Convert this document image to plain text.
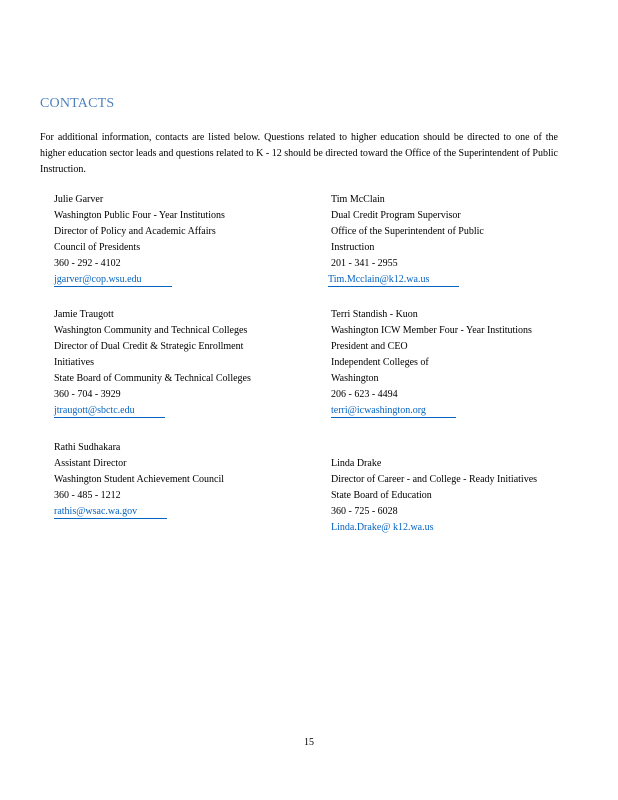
CONTACTS

For additional information, contacts are listed below. Questions related to higher education should be directed to one of the higher education sector leads and questions related to K - 12 should be directed toward the Office of the Superintendent of Public Instruction.

Julie Garver
Washington Public Four - Year Institutions
Director of Policy and Academic Affairs
Council of Presidents
360 - 292 - 4102
jgarver@cop.wsu.edu
Tim McClain
Dual Credit Program Supervisor
Office of the Superintendent of Public
Instruction
201 - 341 - 2955
Tim.Mcclain@k12.wa.us
Jamie Traugott
Washington Community and Technical Colleges
Director of Dual Credit & Strategic Enrollment
Initiatives
State Board of Community & Technical Colleges
360 - 704 - 3929
jtraugott@sbctc.edu
Terri Standish - Kuon
Washington ICW Member Four - Year Institutions
President and CEO
Independent Colleges of
Washington
206 - 623 - 4494
terri@icwashington.org
Rathi Sudhakara
Assistant Director
Washington Student Achievement Council
360 - 485 - 1212
rathis@wsac.wa.gov
Linda Drake
Director of Career - and College - Ready Initiatives
State Board of Education
360 - 725 - 6028
Linda.Drake@ k12.wa.us
15
